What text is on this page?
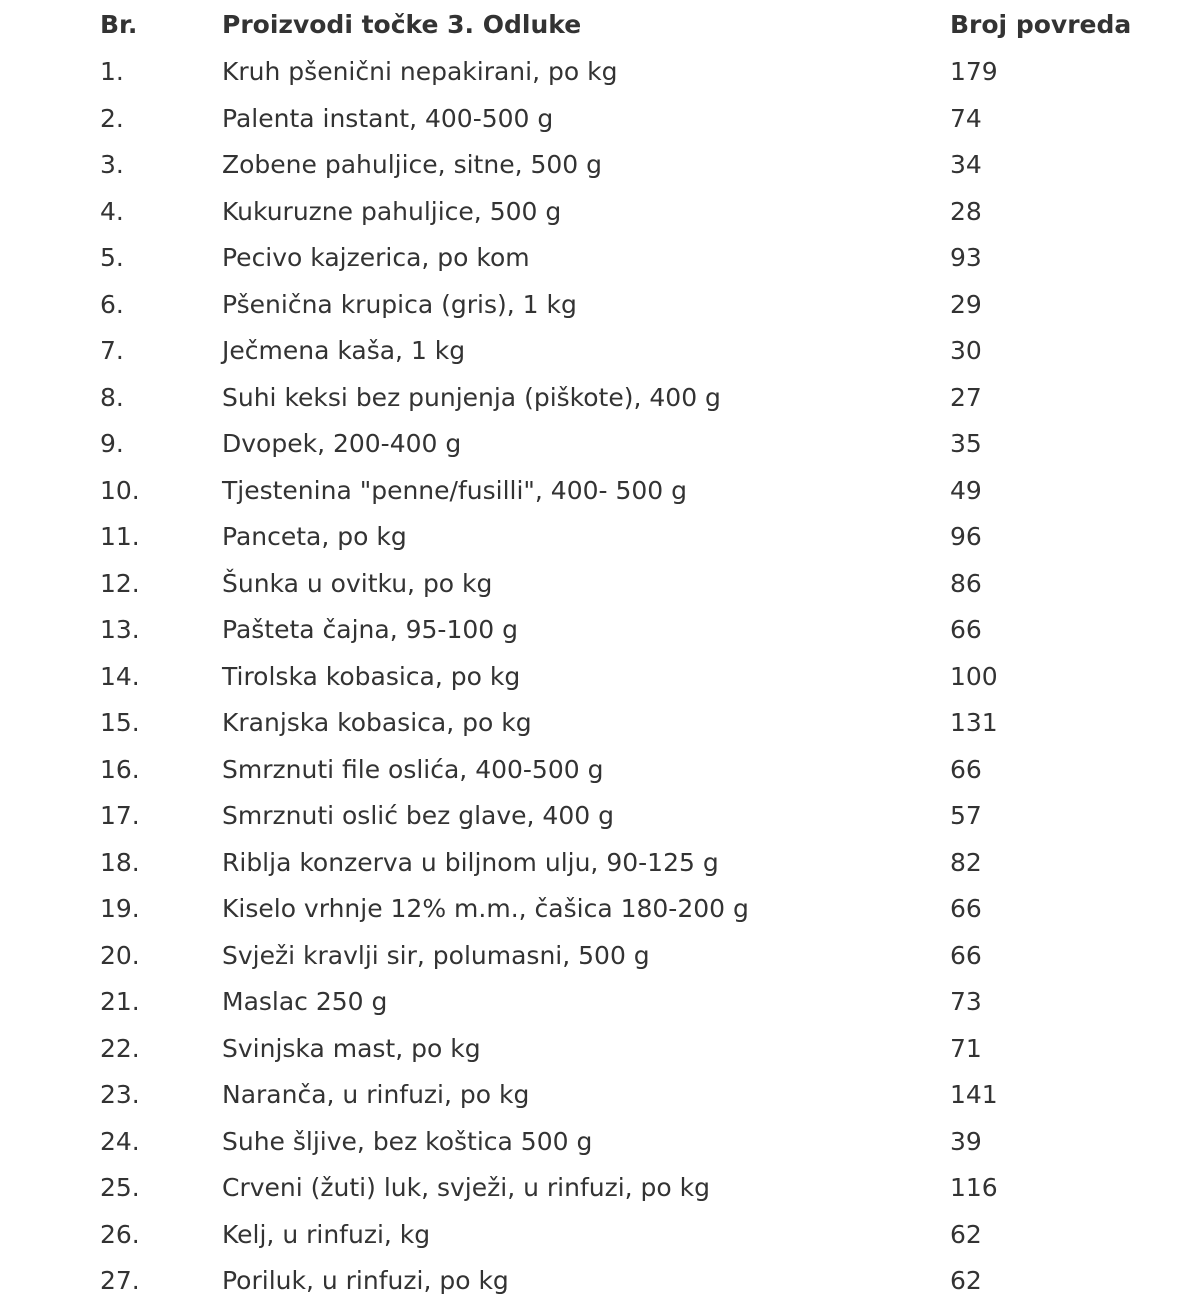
Br.	Proizvodi točke 3. Odluke	Broj povreda
1.	Kruh pšenični nepakirani, po kg	179
2.	Palenta instant, 400-500 g	74
3.	Zobene pahuljice, sitne, 500 g	34
4.	Kukuruzne pahuljice, 500 g	28
5.	Pecivo kajzerica, po kom	93
6.	Pšenična krupica (gris), 1 kg	29
7.	Ječmena kaša, 1 kg	30
8.	Suhi keksi bez punjenja (piškote), 400 g	27
9.	Dvopek, 200-400 g	35
10.	Tjestenina "penne/fusilli", 400- 500 g	49
11.	Panceta, po kg	96
12.	Šunka u ovitku, po kg	86
13.	Pašteta čajna, 95-100 g	66
14.	Tirolska kobasica, po kg	100
15.	Kranjska kobasica, po kg	131
16.	Smrznuti file oslića, 400-500 g	66
17.	Smrznuti oslić bez glave, 400 g	57
18.	Riblja konzerva u biljnom ulju, 90-125 g	82
19.	Kiselo vrhnje 12% m.m., čašica 180-200 g	66
20.	Svježi kravlji sir, polumasni, 500 g	66
21.	Maslac 250 g	73
22.	Svinjska mast, po kg	71
23.	Naranča, u rinfuzi, po kg	141
24.	Suhe šljive, bez koštica 500 g	39
25.	Crveni (žuti) luk, svježi, u rinfuzi, po kg	116
26.	Kelj, u rinfuzi, kg	62
27.	Poriluk, u rinfuzi, po kg	62
